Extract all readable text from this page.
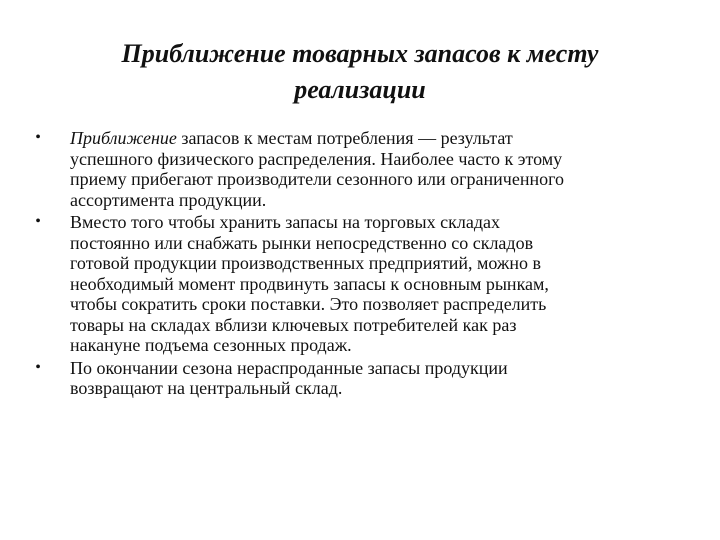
Приближение товарных запасов к месту
реализации
• Приближение запасов к местам потребления — результат
успешного физического распределения. Наиболее часто к этому
приему прибегают производители сезонного или ограниченного
ассортимента продукции.
• Вместо того чтобы хранить запасы на торговых складах
постоянно или снабжать рынки непосредственно со складов
готовой продукции производственных предприятий, можно в
необходимый момент продвинуть запасы к основным рынкам,
чтобы сократить сроки поставки. Это позволяет распределить
товары на складах вблизи ключевых потребителей как раз
накануне подъема сезонных продаж.
• По окончании сезона нераспроданные запасы продукции
возвращают на центральный склад.
